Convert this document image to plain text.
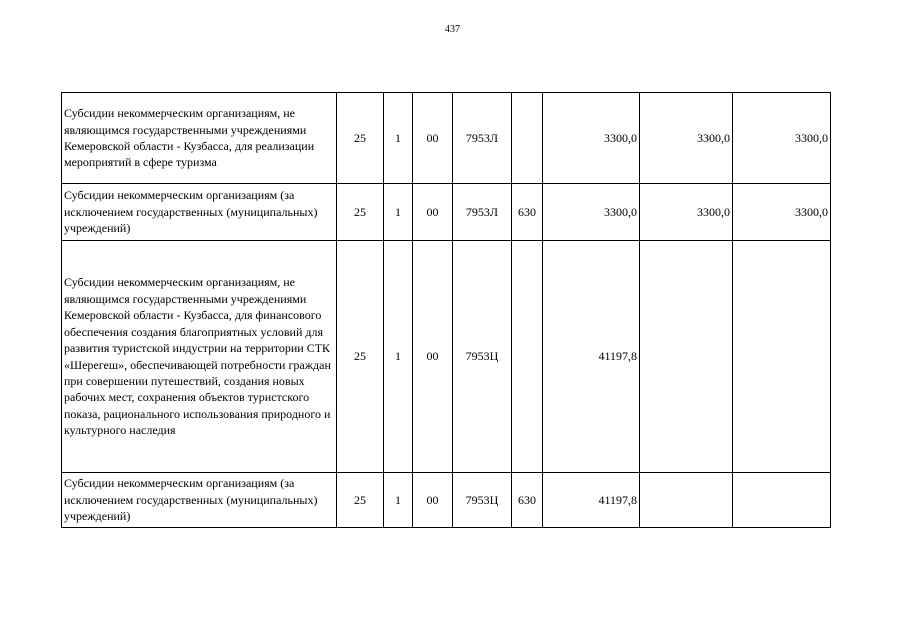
437
Субсидии некоммерческим организациям, не являющимся государственными учреждениями Кемеровской области - Кузбасса, для реализации мероприятий в сфере туризма	25	1	00	7953Л		3300,0	3300,0	3300,0
Субсидии некоммерческим организациям (за исключением государственных (муниципальных) учреждений)	25	1	00	7953Л	630	3300,0	3300,0	3300,0
Субсидии некоммерческим организациям, не являющимся государственными учреждениями Кемеровской области - Кузбасса, для финансового обеспечения создания благоприятных условий для развития туристской индустрии на территории СТК «Шерегеш», обеспечивающей потребности граждан при совершении путешествий, создания новых рабочих мест, сохранения объектов туристского показа, рационального использования природного и культурного наследия	25	1	00	7953Ц		41197,8		
Субсидии некоммерческим организациям (за исключением государственных (муниципальных) учреждений)	25	1	00	7953Ц	630	41197,8		
